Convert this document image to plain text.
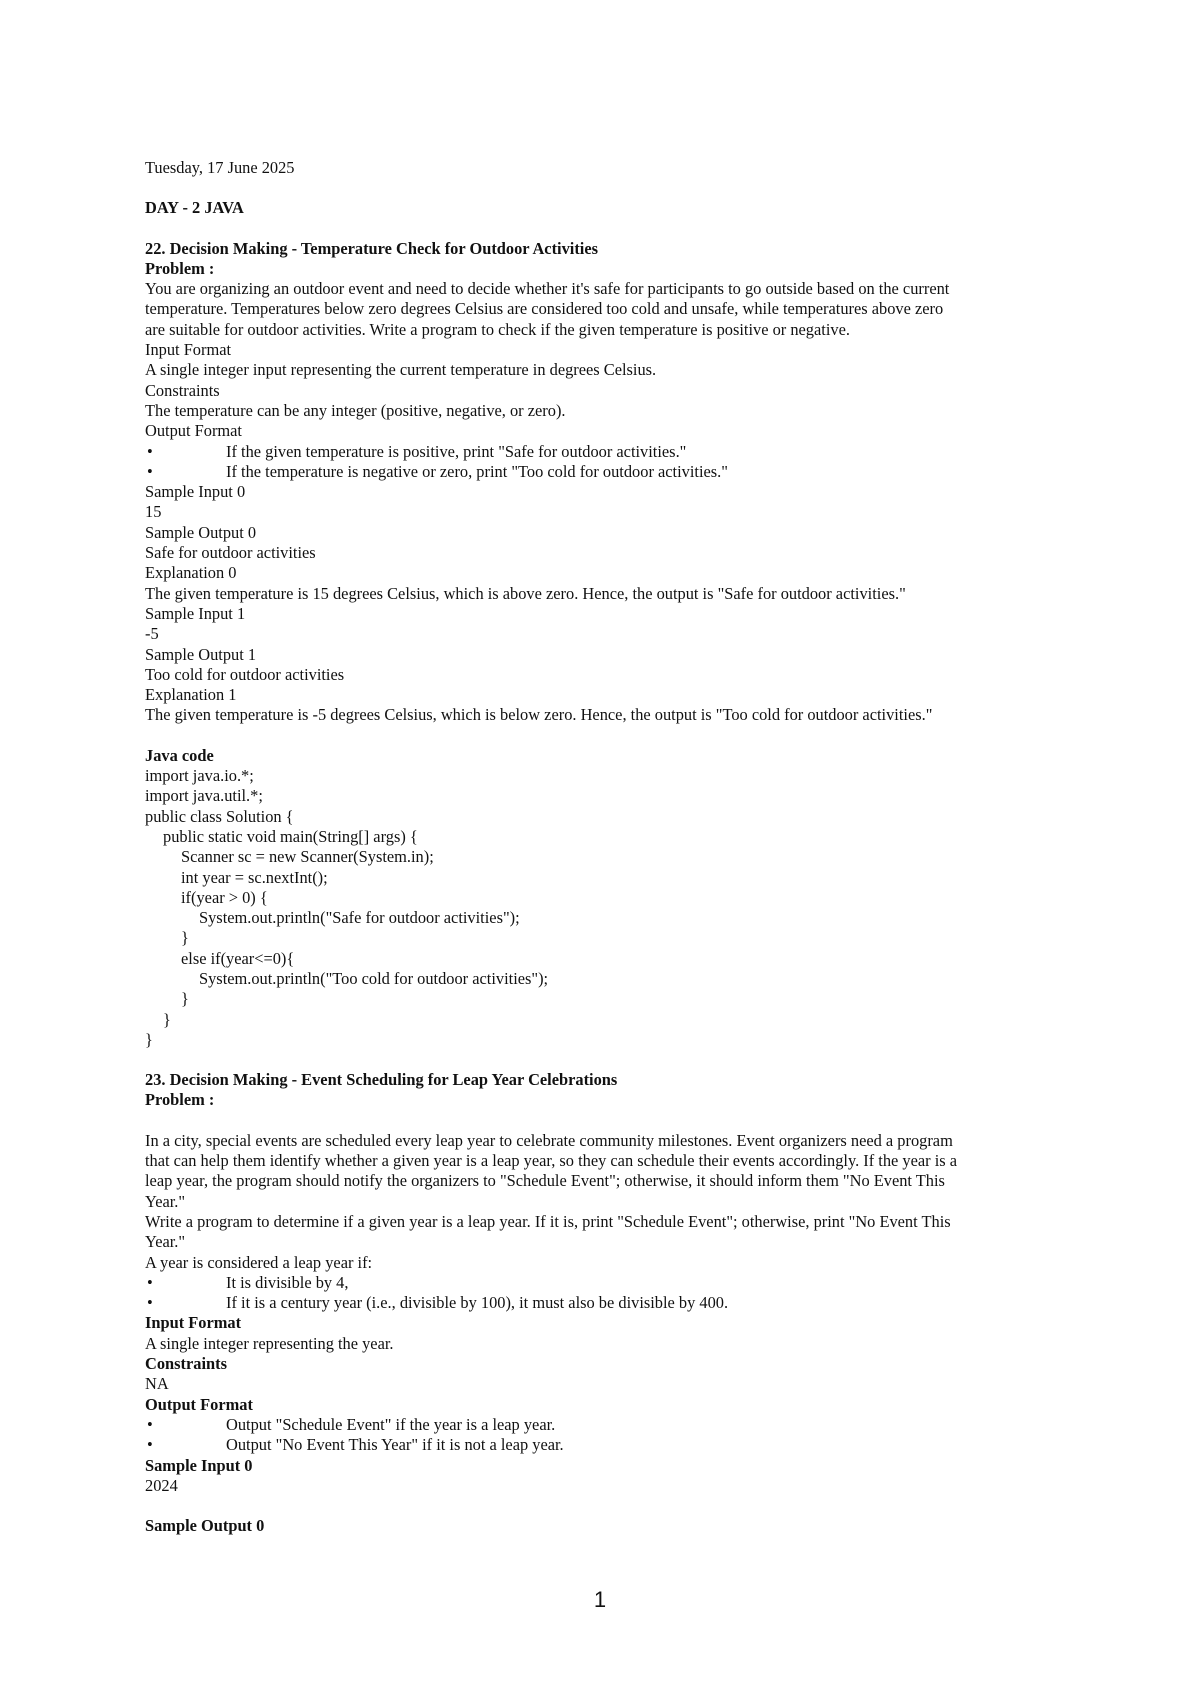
Tuesday, 17 June 2025
DAY - 2 JAVA
22. Decision Making - Temperature Check for Outdoor Activities
Problem :
You are organizing an outdoor event and need to decide whether it's safe for participants to go outside based on the current
temperature. Temperatures below zero degrees Celsius are considered too cold and unsafe, while temperatures above zero
are suitable for outdoor activities. Write a program to check if the given temperature is positive or negative.
Input Format
A single integer input representing the current temperature in degrees Celsius.
Constraints
The temperature can be any integer (positive, negative, or zero).
Output Format
•	If the given temperature is positive, print "Safe for outdoor activities."
•	If the temperature is negative or zero, print "Too cold for outdoor activities."
Sample Input 0
15
Sample Output 0
Safe for outdoor activities
Explanation 0
The given temperature is 15 degrees Celsius, which is above zero. Hence, the output is "Safe for outdoor activities."
Sample Input 1
-5
Sample Output 1
Too cold for outdoor activities
Explanation 1
The given temperature is -5 degrees Celsius, which is below zero. Hence, the output is "Too cold for outdoor activities."
Java code
import java.io.*;
import java.util.*;
public class Solution {
public static void main(String[] args) {
Scanner sc = new Scanner(System.in);
int year = sc.nextInt();
if(year > 0) {
System.out.println("Safe for outdoor activities");
}
else if(year<=0){
System.out.println("Too cold for outdoor activities");
}
}
}
23. Decision Making - Event Scheduling for Leap Year Celebrations
Problem :
In a city, special events are scheduled every leap year to celebrate community milestones. Event organizers need a program
that can help them identify whether a given year is a leap year, so they can schedule their events accordingly. If the year is a
leap year, the program should notify the organizers to "Schedule Event"; otherwise, it should inform them "No Event This
Year."
Write a program to determine if a given year is a leap year. If it is, print "Schedule Event"; otherwise, print "No Event This
Year."
A year is considered a leap year if:
•	It is divisible by 4,
•	If it is a century year (i.e., divisible by 100), it must also be divisible by 400.
Input Format
A single integer representing the year.
Constraints
NA
Output Format
•	Output "Schedule Event" if the year is a leap year.
•	Output "No Event This Year" if it is not a leap year.
Sample Input 0
2024
Sample Output 0
1
